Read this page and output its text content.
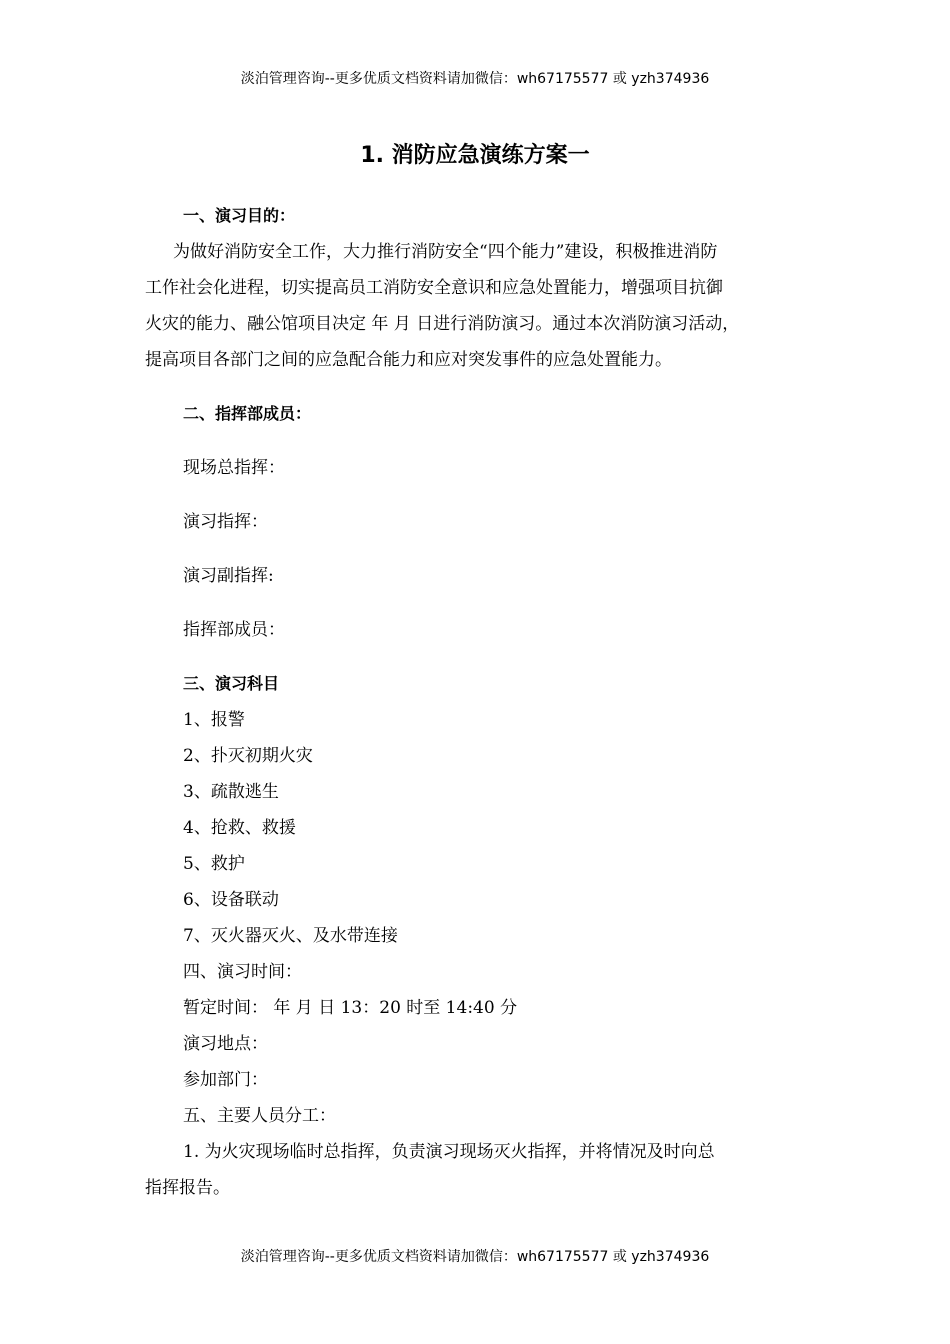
淡泊管理咨询--更多优质文档资料请加微信：wh67175577 或 yzh374936
1. 消防应急演练方案一
一、演习目的：
为做好消防安全工作，大力推行消防安全“四个能力”建设，积极推进消防
工作社会化进程，切实提高员工消防安全意识和应急处置能力，增强项目抗御
火灾的能力、融公馆项目决定 年 月 日进行消防演习。通过本次消防演习活动，
提高项目各部门之间的应急配合能力和应对突发事件的应急处置能力。
二、指挥部成员：
现场总指挥：
演习指挥：
演习副指挥:
指挥部成员：
三、演习科目
1、报警
2、扑灭初期火灾
3、疏散逃生
4、抢救、救援
5、救护
6、设备联动
7、灭火器灭火、及水带连接
四、演习时间：
暂定时间： 年 月 日 13：20 时至 14:40 分
演习地点：
参加部门：
五、主要人员分工：
1. 为火灾现场临时总指挥，负责演习现场灭火指挥，并将情况及时向总
指挥报告。
淡泊管理咨询--更多优质文档资料请加微信：wh67175577 或 yzh374936
